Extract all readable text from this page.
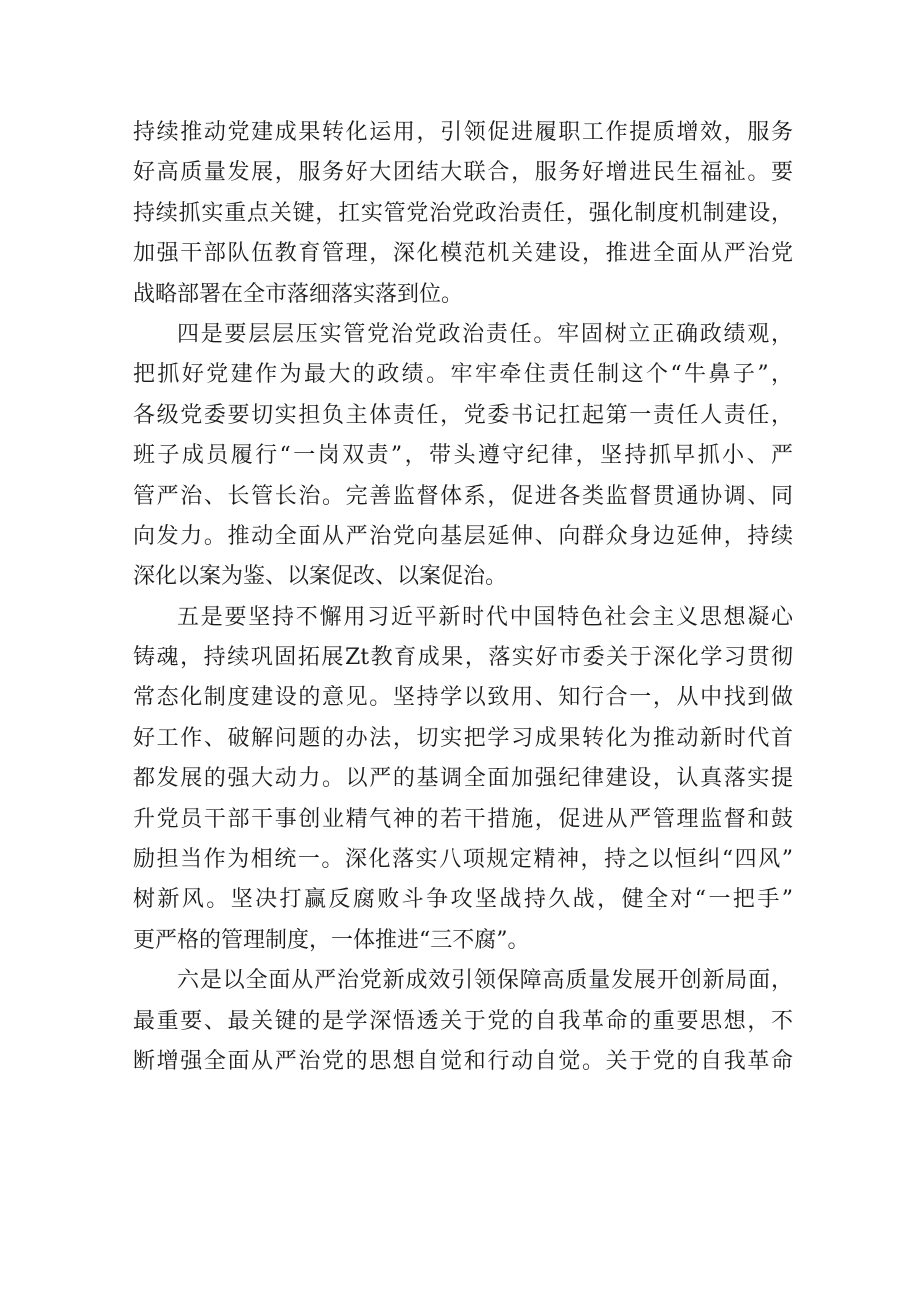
持续推动党建成果转化运用，引领促进履职工作提质增效，服务
好高质量发展，服务好大团结大联合，服务好增进民生福祉。要
持续抓实重点关键，扛实管党治党政治责任，强化制度机制建设，
加强干部队伍教育管理，深化模范机关建设，推进全面从严治党
战略部署在全市落细落实落到位。
四是要层层压实管党治党政治责任。牢固树立正确政绩观，
把抓好党建作为最大的政绩。牢牢牵住责任制这个“牛鼻子”，
各级党委要切实担负主体责任，党委书记扛起第一责任人责任，
班子成员履行“一岗双责”，带头遵守纪律，坚持抓早抓小、严
管严治、长管长治。完善监督体系，促进各类监督贯通协调、同
向发力。推动全面从严治党向基层延伸、向群众身边延伸，持续
深化以案为鉴、以案促改、以案促治。
五是要坚持不懈用习近平新时代中国特色社会主义思想凝心
铸魂，持续巩固拓展Zt教育成果，落实好市委关于深化学习贯彻
常态化制度建设的意见。坚持学以致用、知行合一，从中找到做
好工作、破解问题的办法，切实把学习成果转化为推动新时代首
都发展的强大动力。以严的基调全面加强纪律建设，认真落实提
升党员干部干事创业精气神的若干措施，促进从严管理监督和鼓
励担当作为相统一。深化落实八项规定精神，持之以恒纠“四风”
树新风。坚决打赢反腐败斗争攻坚战持久战，健全对“一把手”
更严格的管理制度，一体推进“三不腐”。
六是以全面从严治党新成效引领保障高质量发展开创新局面，
最重要、最关键的是学深悟透关于党的自我革命的重要思想，不
断增强全面从严治党的思想自觉和行动自觉。关于党的自我革命
